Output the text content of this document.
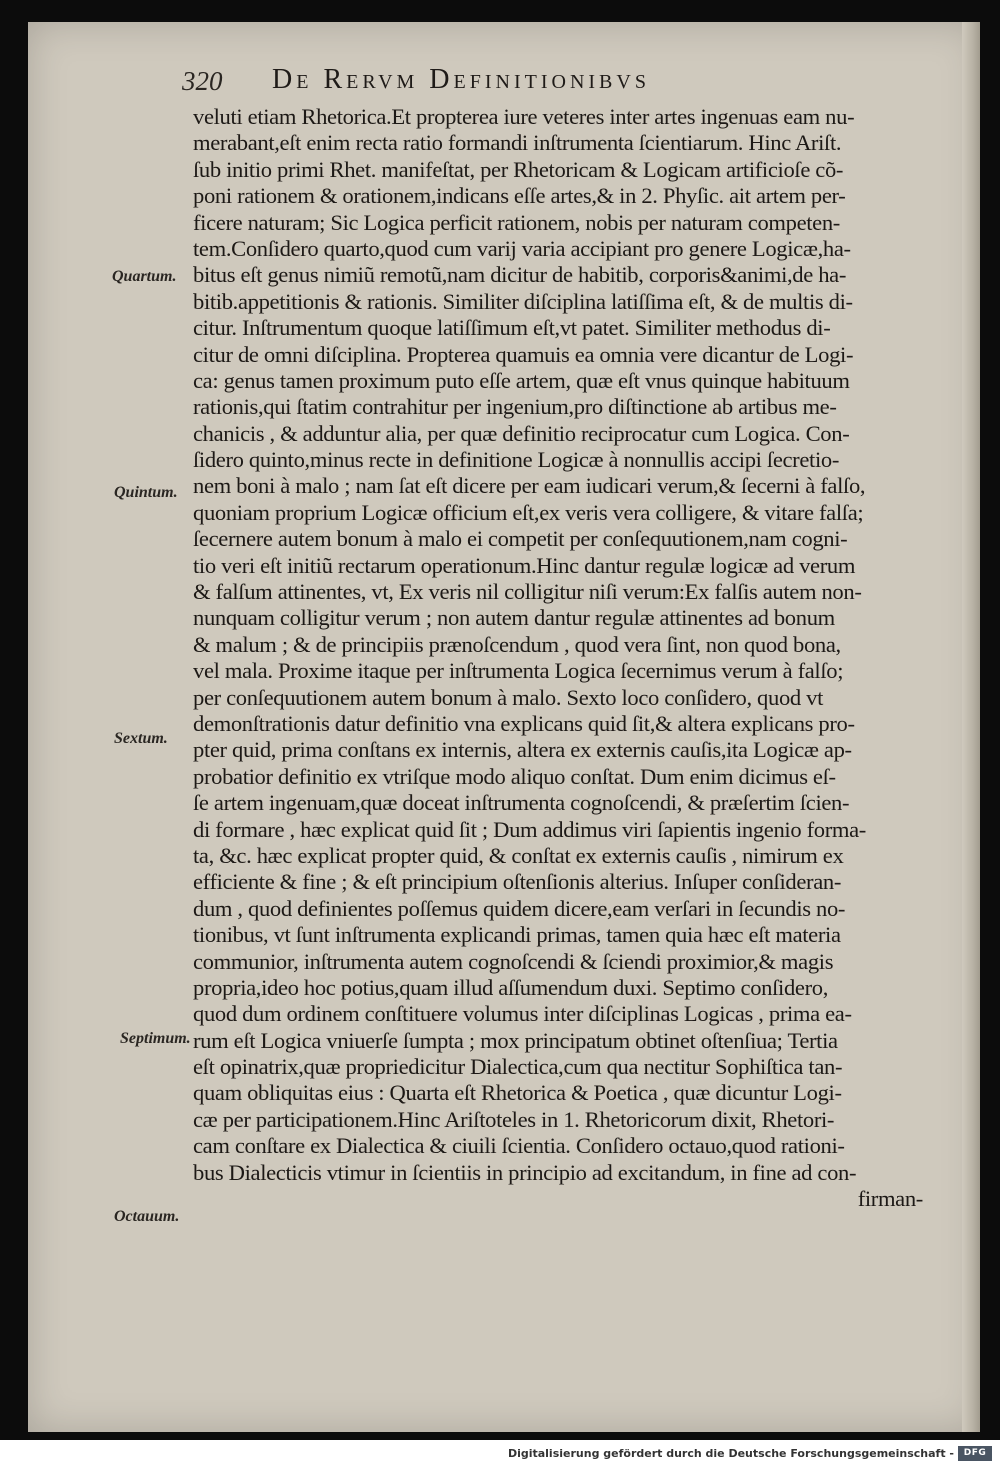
320 De Rervm Definitionibvs
Quartum.
Quintum.
Sextum.
Septimum.
Octauum.
veluti etiam Rhetorica.Et propterea iure veteres inter artes ingenuas eam nu-
merabant,eſt enim recta ratio formandi inſtrumenta ſcientiarum. Hinc Ariſt.
ſub initio primi Rhet. manifeſtat, per Rhetoricam & Logicam artificioſe cõ-
poni rationem & orationem,indicans eſſe artes,& in 2. Phyſic. ait artem per-
ficere naturam; Sic Logica perficit rationem, nobis per naturam competen-
tem.Conſidero quarto,quod cum varij varia accipiant pro genere Logicæ,ha-
bitus eſt genus nimiũ remotũ,nam dicitur de habitib, corporis&animi,de ha-
bitib.appetitionis & rationis. Similiter diſciplina latiſſima eſt, & de multis di-
citur. Inſtrumentum quoque latiſſimum eſt,vt patet. Similiter methodus di-
citur de omni diſciplina. Propterea quamuis ea omnia vere dicantur de Logi-
ca: genus tamen proximum puto eſſe artem, quæ eſt vnus quinque habituum
rationis,qui ſtatim contrahitur per ingenium,pro diſtinctione ab artibus me-
chanicis , & adduntur alia, per quæ definitio reciprocatur cum Logica. Con-
ſidero quinto,minus recte in definitione Logicæ à nonnullis accipi ſecretio-
nem boni à malo ; nam ſat eſt dicere per eam iudicari verum,& ſecerni à falſo,
quoniam proprium Logicæ officium eſt,ex veris vera colligere, & vitare falſa;
ſecernere autem bonum à malo ei competit per conſequutionem,nam cogni-
tio veri eſt initiũ rectarum operationum.Hinc dantur regulæ logicæ ad verum
& falſum attinentes, vt, Ex veris nil colligitur niſi verum:Ex falſis autem non-
nunquam colligitur verum ; non autem dantur regulæ attinentes ad bonum
& malum ; & de principiis prænoſcendum , quod vera ſint, non quod bona,
vel mala. Proxime itaque per inſtrumenta Logica ſecernimus verum à falſo;
per conſequutionem autem bonum à malo. Sexto loco conſidero, quod vt
demonſtrationis datur definitio vna explicans quid ſit,& altera explicans pro-
pter quid, prima conſtans ex internis, altera ex externis cauſis,ita Logicæ ap-
probatior definitio ex vtriſque modo aliquo conſtat. Dum enim dicimus eſ-
ſe artem ingenuam,quæ doceat inſtrumenta cognoſcendi, & præſertim ſcien-
di formare , hæc explicat quid ſit ; Dum addimus viri ſapientis ingenio forma-
ta, &c. hæc explicat propter quid, & conſtat ex externis cauſis , nimirum ex
efficiente & fine ; & eſt principium oſtenſionis alterius. Inſuper conſideran-
dum , quod definientes poſſemus quidem dicere,eam verſari in ſecundis no-
tionibus, vt ſunt inſtrumenta explicandi primas, tamen quia hæc eſt materia
communior, inſtrumenta autem cognoſcendi & ſciendi proximior,& magis
propria,ideo hoc potius,quam illud aſſumendum duxi. Septimo conſidero,
quod dum ordinem conſtituere volumus inter diſciplinas Logicas , prima ea-
rum eſt Logica vniuerſe ſumpta ; mox principatum obtinet oſtenſiua; Tertia
eſt opinatrix,quæ propriedicitur Dialectica,cum qua nectitur Sophiſtica tan-
quam obliquitas eius : Quarta eſt Rhetorica & Poetica , quæ dicuntur Logi-
cæ per participationem.Hinc Ariſtoteles in 1. Rhetoricorum dixit, Rhetori-
cam conſtare ex Dialectica & ciuili ſcientia. Conſidero octauo,quod rationi-
bus Dialecticis vtimur in ſcientiis in principio ad excitandum, in fine ad con-
firman-
Digitalisierung gefördert durch die Deutsche Forschungsgemeinschaft -	DFG
